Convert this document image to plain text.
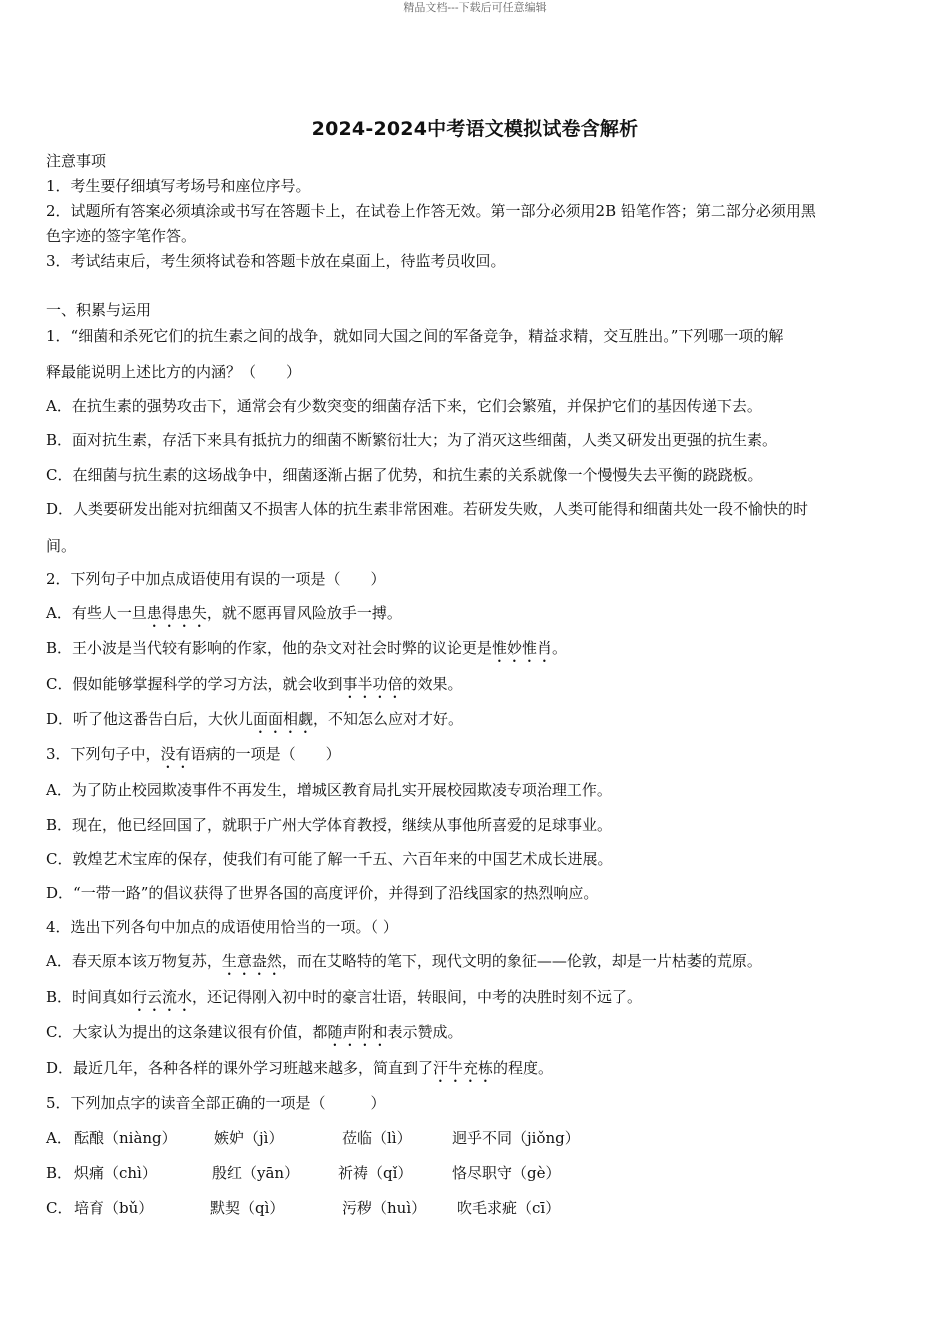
精品文档---下载后可任意编辑
2024-2024中考语文模拟试卷含解析
注意事项
1．考生要仔细填写考场号和座位序号。
2．试题所有答案必须填涂或书写在答题卡上，在试卷上作答无效。第一部分必须用2B 铅笔作答；第二部分必须用黑
色字迹的签字笔作答。
3．考试结束后，考生须将试卷和答题卡放在桌面上，待监考员收回。
一、积累与运用
1．“细菌和杀死它们的抗生素之间的战争，就如同大国之间的军备竞争，精益求精，交互胜出。”下列哪一项的解
释最能说明上述比方的内涵？（　　）
A．在抗生素的强势攻击下，通常会有少数突变的细菌存活下来，它们会繁殖，并保护它们的基因传递下去。
B．面对抗生素，存活下来具有抵抗力的细菌不断繁衍壮大；为了消灭这些细菌，人类又研发出更强的抗生素。
C．在细菌与抗生素的这场战争中，细菌逐渐占据了优势，和抗生素的关系就像一个慢慢失去平衡的跷跷板。
D．人类要研发出能对抗细菌又不损害人体的抗生素非常困难。若研发失败，人类可能得和细菌共处一段不愉快的时
间。
2．下列句子中加点成语使用有误的一项是（　　）
A．有些人一旦患得患失，就不愿再冒风险放手一搏。
B．王小波是当代较有影响的作家，他的杂文对社会时弊的议论更是惟妙惟肖。
C．假如能够掌握科学的学习方法，就会收到事半功倍的效果。
D．听了他这番告白后，大伙儿面面相觑，不知怎么应对才好。
3．下列句子中，没有语病的一项是（　　）
A．为了防止校园欺凌事件不再发生，增城区教育局扎实开展校园欺凌专项治理工作。
B．现在，他已经回国了，就职于广州大学体育教授，继续从事他所喜爱的足球事业。
C．敦煌艺术宝库的保存，使我们有可能了解一千五、六百年来的中国艺术成长进展。
D．“一带一路”的倡议获得了世界各国的高度评价，并得到了沿线国家的热烈响应。
4．选出下列各句中加点的成语使用恰当的一项。（ ）
A．春天原本该万物复苏，生意盎然，而在艾略特的笔下，现代文明的象征——伦敦，却是一片枯萎的荒原。
B．时间真如行云流水，还记得刚入初中时的豪言壮语，转眼间，中考的决胜时刻不远了。
C．大家认为提出的这条建议很有价值，都随声附和表示赞成。
D．最近几年，各种各样的课外学习班越来越多，简直到了汗牛充栋的程度。
5．下列加点字的读音全部正确的一项是（　　　）
A． 酝酿（niàng） 嫉妒（jì）	莅临（lì）	迥乎不同（jiǒng）
B． 炽痛（chì）	殷红（yān）	祈祷（qǐ）	恪尽职守（gè）
C． 培育（bǔ）	默契（qì）	污秽（huì） 吹毛求疵（cī）
